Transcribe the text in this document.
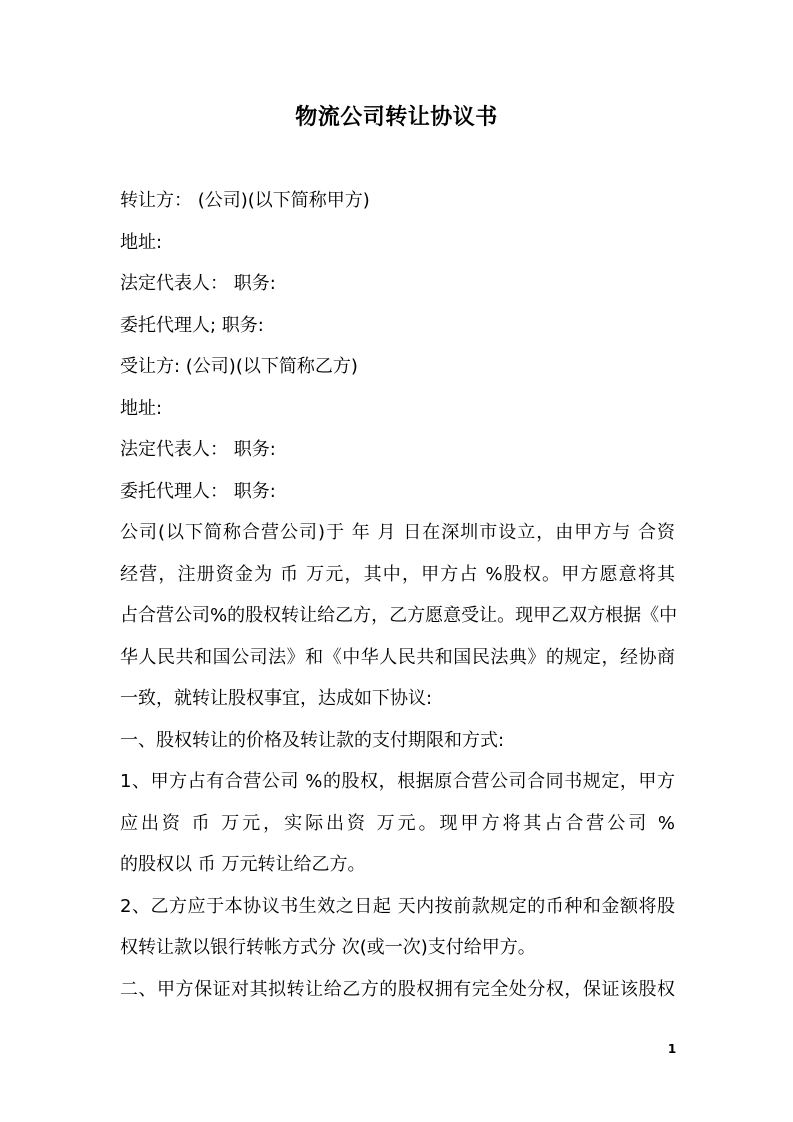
物流公司转让协议书
转让方： (公司)(以下简称甲方)
地址:
法定代表人： 职务:
委托代理人; 职务:
受让方: (公司)(以下简称乙方)
地址:
法定代表人： 职务:
委托代理人： 职务:
公司(以下简称合营公司)于 年 月 日在深圳市设立，由甲方与 合资
经营，注册资金为 币 万元，其中，甲方占 %股权。甲方愿意将其
占合营公司%的股权转让给乙方，乙方愿意受让。现甲乙双方根据《中
华人民共和国公司法》和《中华人民共和国民法典》的规定，经协商
一致，就转让股权事宜，达成如下协议:
一、股权转让的价格及转让款的支付期限和方式:
1、甲方占有合营公司 %的股权，根据原合营公司合同书规定，甲方
应出资 币 万元，实际出资 万元。现甲方将其占合营公司 %
的股权以 币 万元转让给乙方。
2、乙方应于本协议书生效之日起 天内按前款规定的币种和金额将股
权转让款以银行转帐方式分 次(或一次)支付给甲方。
二、甲方保证对其拟转让给乙方的股权拥有完全处分权，保证该股权
1
